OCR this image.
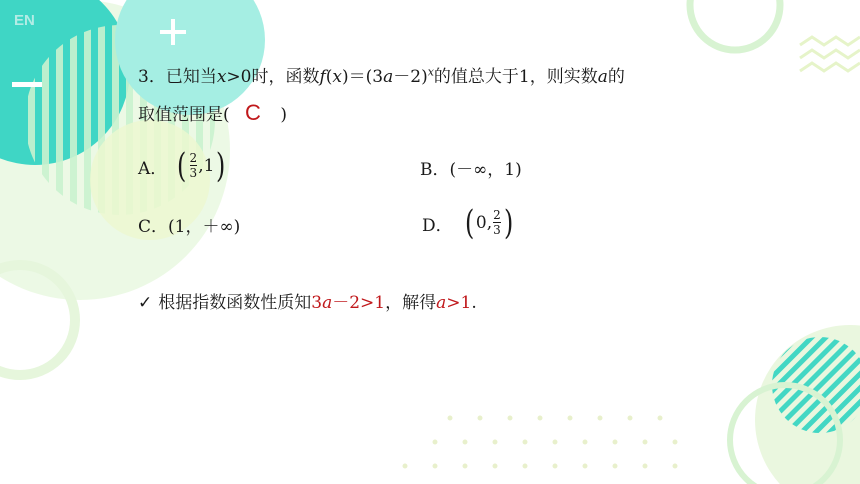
EN
3．已知当x>0时，函数$f(x)=(3a-2)^x$的值总大于1，则实数a的
取值范围是( C )
A． ( $\frac{2}{3} ,1$ )	B． (－∞，1)
C． (1，＋∞)	D． ( 0, $\frac{2}{3}$ )
✓ 根据指数函数性质知3a－2>1，解得a>1.
